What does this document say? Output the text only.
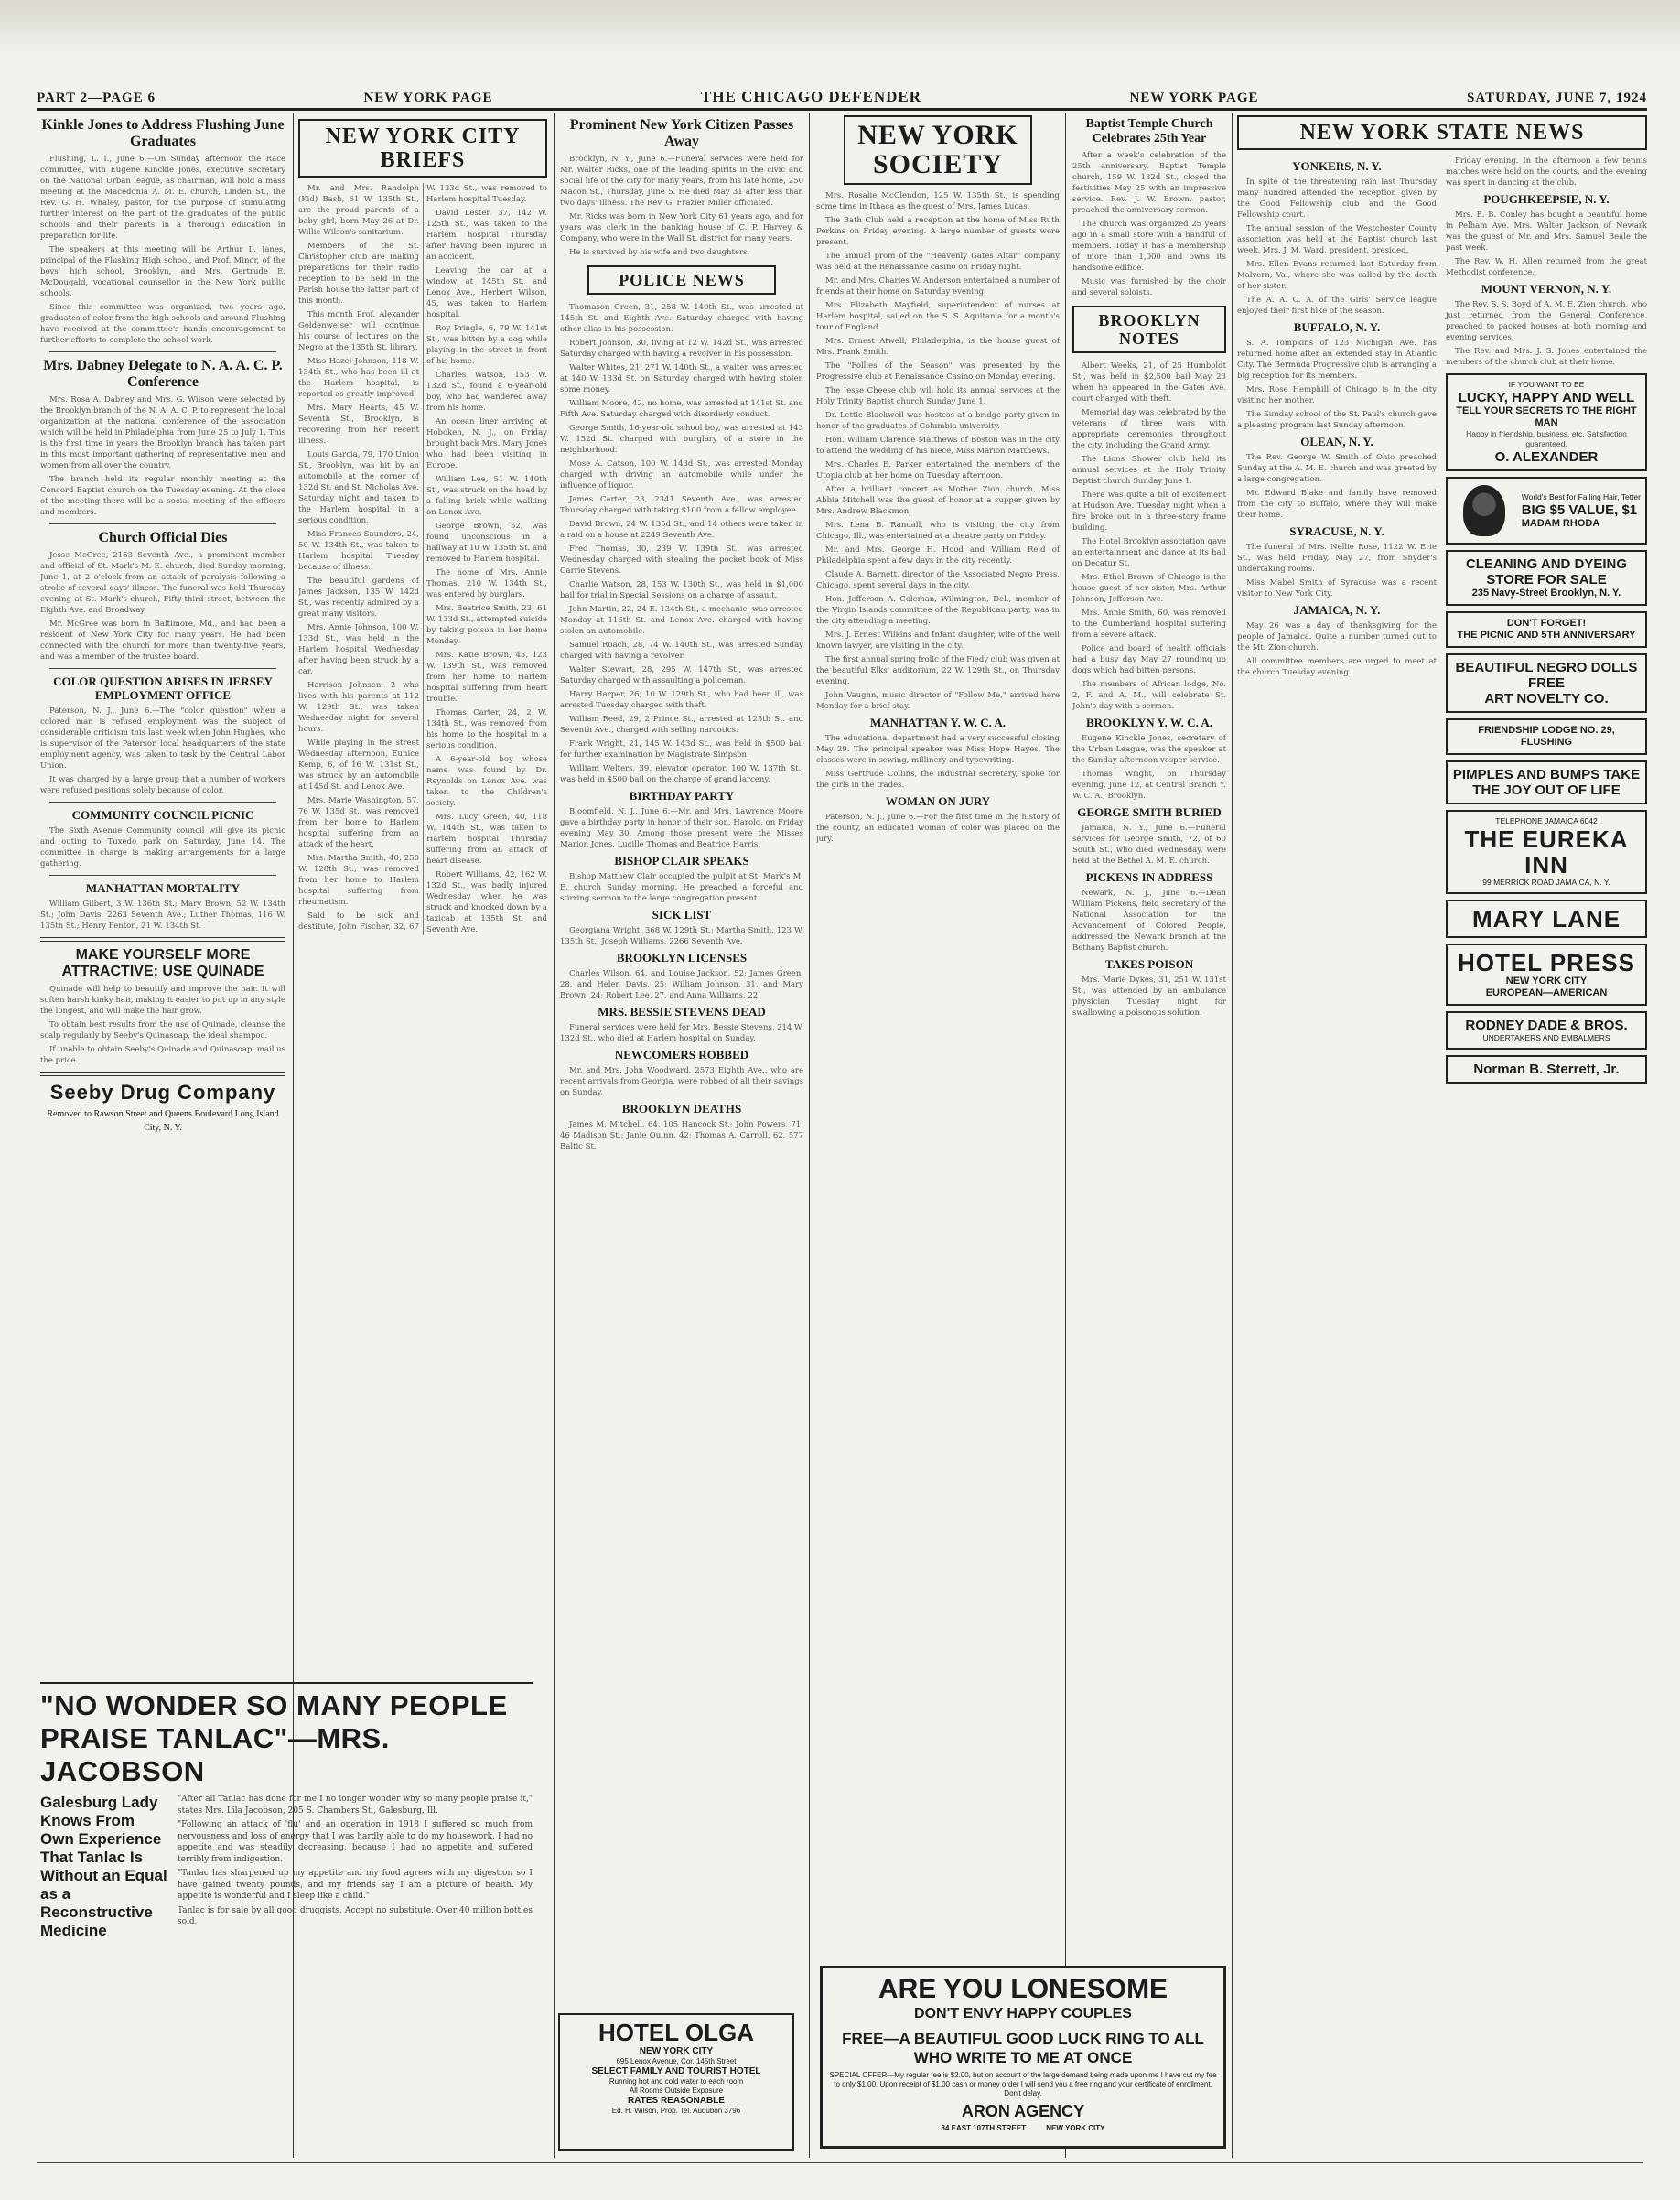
PART 2—PAGE 6	NEW YORK PAGE	THE CHICAGO DEFENDER	NEW YORK PAGE	SATURDAY, JUNE 7, 1924
Kinkle Jones to Address Flushing June Graduates

Flushing, L. I., June 6.—On Sunday afternoon the Race committee, with Eugene Kinckle Jones, executive secretary on the National Urban league, as chairman, will hold a mass meeting at the Macedonia A. M. E. church, Linden St., the Rev. G. H. Whaley, pastor, for the purpose of stimulating further interest on the part of the graduates of the public schools and their parents in a thorough education in preparation for life.

The speakers at this meeting will be Arthur L. Janes, principal of the Flushing High school, and Prof. Minor, of the boys' high school, Brooklyn, and Mrs. Gertrude E. McDougald, vocational counsellor in the New York public schools.

Since this committee was organized, two years ago, graduates of color from the high schools and around Flushing have received at the committee's hands encouragement to further efforts to complete the school work.

Mrs. Dabney Delegate to N. A. A. C. P. Conference

Mrs. Rosa A. Dabney and Mrs. G. Wilson were selected by the Brooklyn branch of the N. A. A. C. P. to represent the local organization at the national conference of the association which will be held in Philadelphia from June 25 to July 1. This is the first time in years the Brooklyn branch has taken part in this most important gathering of representative men and women from all over the country.

The branch held its regular monthly meeting at the Concord Baptist church on the Tuesday evening. At the close of the meeting there will be a social meeting of the officers and members.

Church Official Dies

Jesse McGree, 2153 Seventh Ave., a prominent member and official of St. Mark's M. E. church, died Sunday morning, June 1, at 2 o'clock from an attack of paralysis following a stroke of several days' illness. The funeral was held Thursday evening at St. Mark's church, Fifty-third street, between the Eighth Ave. and Broadway.

Mr. McGree was born in Baltimore, Md., and had been a resident of New York City for many years. He had been connected with the church for more than twenty-five years, and was a member of the trustee board.

COLOR QUESTION ARISES IN JERSEY EMPLOYMENT OFFICE

Paterson, N. J., June 6.—The "color question" when a colored man is refused employment was the subject of considerable criticism this last week when John Hughes, who is supervisor of the Paterson local headquarters of the state employment agency, was taken to task by the Central Labor Union.

It was charged by a large group that a number of workers were refused positions solely because of color.

COMMUNITY COUNCIL PICNIC

The Sixth Avenue Community council will give its picnic and outing to Tuxedo park on Saturday, June 14. The committee in charge is making arrangements for a large gathering.

MANHATTAN MORTALITY

William Gilbert, 3 W. 136th St.; Mary Brown, 52 W. 134th St.; John Davis, 2263 Seventh Ave.; Luther Thomas, 116 W. 135th St.; Henry Fenton, 21 W. 134th St.

MAKE YOURSELF MORE ATTRACTIVE; USE QUINADE

Quinade will help to beautify and improve the hair. It will soften harsh kinky hair, making it easier to put up in any style the longest, and will make the hair grow.

To obtain best results from the use of Quinade, cleanse the scalp regularly by Seeby's Quinasoap, the ideal shampoo.

If unable to obtain Seeby's Quinade and Quinasoap, mail us the price.

Seeby Drug Company
Removed to Rawson Street and Queens Boulevard Long Island City, N. Y.
"NO WONDER SO MANY PEOPLE PRAISE TANLAC"—MRS. JACOBSON
Galesburg Lady Knows From Own Experience That Tanlac Is Without an Equal as a Reconstructive Medicine

"After all Tanlac has done for me I no longer wonder why so many people praise it," states Mrs. Lila Jacobson, 205 S. Chambers St., Galesburg, Ill.

"Following an attack of 'flu' and an operation in 1918 I suffered so much from nervousness and loss of energy that I was hardly able to do my housework. I had no appetite and was steadily decreasing, because I had no appetite and suffered terribly from indigestion.

"Tanlac has sharpened up my appetite and my food agrees with my digestion so I have gained twenty pounds, and my friends say I am a picture of health. My appetite is wonderful and I sleep like a child."

Tanlac is for sale by all good druggists. Accept no substitute. Over 40 million bottles sold.

NEW YORK CITY BRIEFS

Mr. and Mrs. Randolph (Kid) Bash, 61 W. 135th St., are the proud parents of a baby girl, born May 26 at Dr. Willie Wilson's sanitarium.

Members of the St. Christopher club are making preparations for their radio reception to be held in the Parish house the latter part of this month.

This month Prof. Alexander Goldenweiser will continue his course of lectures on the Negro at the 135th St. library.

Miss Hazel Johnson, 118 W. 134th St., who has been ill at the Harlem hospital, is reported as greatly improved.

Mrs. Mary Hearts, 45 W. Seventh St., Brooklyn, is recovering from her recent illness.

Louis Garcia, 79, 170 Union St., Brooklyn, was hit by an automobile at the corner of 132d St. and St. Nicholas Ave. Saturday night and taken to the Harlem hospital in a serious condition.

Miss Frances Saunders, 24, 50 W. 134th St., was taken to Harlem hospital Tuesday because of illness.

The beautiful gardens of James Jackson, 135 W. 142d St., was recently admired by a great many visitors.

Mrs. Annie Johnson, 100 W. 133d St., was held in the Harlem hospital Wednesday after having been struck by a car.

Harrison Johnson, 2 who lives with his parents at 112 W. 129th St., was taken Wednesday night for several hours.

While playing in the street Wednesday afternoon, Eunice Kemp, 6, of 16 W. 131st St., was struck by an automobile at 145d St. and Lenox Ave.

Mrs. Marie Washington, 57, 76 W. 135d St., was removed from her home to Harlem hospital suffering from an attack of the heart.

Mrs. Martha Smith, 40, 250 W. 128th St., was removed from her home to Harlem hospital suffering from rheumatism.

Said to be sick and destitute, John Fischer, 32, 67 W. 133d St., was removed to Harlem hospital Tuesday.

David Lester, 37, 142 W. 125th St., was taken to the Harlem hospital Thursday after having been injured in an accident.

Leaving the car at a window at 145th St. and Lenox Ave., Herbert Wilson, 45, was taken to Harlem hospital.

Roy Pringle, 6, 79 W. 141st St., was bitten by a dog while playing in the street in front of his home.

Charles Watson, 153 W. 132d St., found a 6-year-old boy, who had wandered away from his home.

An ocean liner arriving at Hoboken, N. J., on Friday brought back Mrs. Mary Jones who had been visiting in Europe.

William Lee, 51 W. 140th St., was struck on the head by a falling brick while walking on Lenox Ave.

George Brown, 52, was found unconscious in a hallway at 10 W. 135th St. and removed to Harlem hospital.

The home of Mrs. Annie Thomas, 210 W. 134th St., was entered by burglars.

Mrs. Beatrice Smith, 23, 61 W. 133d St., attempted suicide by taking poison in her home Monday.

Mrs. Katie Brown, 45, 123 W. 139th St., was removed from her home to Harlem hospital suffering from heart trouble.

Thomas Carter, 24, 2 W. 134th St., was removed from his home to the hospital in a serious condition.

A 6-year-old boy whose name was found by Dr. Reynolds on Lenox Ave. was taken to the Children's society.

Mrs. Lucy Green, 40, 118 W. 144th St., was taken to Harlem hospital Thursday suffering from an attack of heart disease.

Robert Williams, 42, 162 W. 132d St., was badly injured Wednesday when he was struck and knocked down by a taxicab at 135th St. and Seventh Ave.

Prominent New York Citizen Passes Away

Brooklyn, N. Y., June 6.—Funeral services were held for Mr. Walter Ricks, one of the leading spirits in the civic and social life of the city for many years, from his late home, 250 Macon St., Thursday, June 5. He died May 31 after less than two days' illness. The Rev. G. Frazier Miller officiated.

Mr. Ricks was born in New York City 61 years ago, and for years was clerk in the banking house of C. P. Harvey & Company, who were in the Wall St. district for many years.

He is survived by his wife and two daughters.

POLICE NEWS

Thomason Green, 31, 258 W. 140th St., was arrested at 145th St. and Eighth Ave. Saturday charged with having other alias in his possession.

Robert Johnson, 30, living at 12 W. 142d St., was arrested Saturday charged with having a revolver in his possession.

Walter Whites, 21, 271 W. 140th St., a waiter, was arrested at 140 W. 133d St. on Saturday charged with having stolen some money.

William Moore, 42, no home, was arrested at 141st St. and Fifth Ave. Saturday charged with disorderly conduct.

George Smith, 16-year-old school boy, was arrested at 143 W. 132d St. charged with burglary of a store in the neighborhood.

Mose A. Catson, 100 W. 143d St., was arrested Monday charged with driving an automobile while under the influence of liquor.

James Carter, 28, 2341 Seventh Ave., was arrested Thursday charged with taking $100 from a fellow employee.

David Brown, 24 W. 135d St., and 14 others were taken in a raid on a house at 2249 Seventh Ave.

Fred Thomas, 30, 239 W. 139th St., was arrested Wednesday charged with stealing the pocket book of Miss Carrie Stevens.

Charlie Watson, 28, 153 W. 130th St., was held in $1,000 bail for trial in Special Sessions on a charge of assault.

John Martin, 22, 24 E. 134th St., a mechanic, was arrested Monday at 116th St. and Lenox Ave. charged with having stolen an automobile.

Samuel Roach, 28, 74 W. 140th St., was arrested Sunday charged with having a revolver.

Walter Stewart, 28, 295 W. 147th St., was arrested Saturday charged with assaulting a policeman.

Harry Harper, 26, 10 W. 129th St., who had been ill, was arrested Tuesday charged with theft.

William Reed, 29, 2 Prince St., arrested at 125th St. and Seventh Ave., charged with selling narcotics.

Frank Wright, 21, 145 W. 143d St., was held in $500 bail for further examination by Magistrate Simpson.

William Welters, 39, elevator operator, 100 W. 137th St., was held in $500 bail on the charge of grand larceny.

BIRTHDAY PARTY

Bloomfield, N. J., June 6.—Mr. and Mrs. Lawrence Moore gave a birthday party in honor of their son, Harold, on Friday evening May 30. Among those present were the Misses Marion Jones, Lucille Thomas and Beatrice Harris.

BISHOP CLAIR SPEAKS

Bishop Matthew Clair occupied the pulpit at St. Mark's M. E. church Sunday morning. He preached a forceful and stirring sermon to the large congregation present.

SICK LIST

Georgiana Wright, 368 W. 129th St.; Martha Smith, 123 W. 135th St.; Joseph Williams, 2266 Seventh Ave.

BROOKLYN LICENSES

Charles Wilson, 64, and Louise Jackson, 52; James Green, 28, and Helen Davis, 25; William Johnson, 31, and Mary Brown, 24; Robert Lee, 27, and Anna Williams, 22.

MRS. BESSIE STEVENS DEAD

Funeral services were held for Mrs. Bessie Stevens, 214 W. 132d St., who died at Harlem hospital on Sunday.

NEWCOMERS ROBBED

Mr. and Mrs. John Woodward, 2573 Eighth Ave., who are recent arrivals from Georgia, were robbed of all their savings on Sunday.

BROOKLYN DEATHS

James M. Mitchell, 64, 105 Hancock St.; John Powers, 71, 46 Madison St.; Janie Quinn, 42; Thomas A. Carroll, 62, 577 Baltic St.

HOTEL OLGA
NEW YORK CITY
695 Lenox Avenue, Cor. 145th Street
SELECT FAMILY AND TOURIST HOTEL
Running hot and cold water to each room
All Rooms Outside Exposure
RATES REASONABLE
Ed. H. Wilson, Prop. Tel. Audubon 3796
NEW YORK SOCIETY

Mrs. Rosalie McClendon, 125 W. 135th St., is spending some time in Ithaca as the guest of Mrs. James Lucas.

The Bath Club held a reception at the home of Miss Ruth Perkins on Friday evening. A large number of guests were present.

The annual prom of the "Heavenly Gates Altar" company was held at the Renaissance casino on Friday night.

Mr. and Mrs. Charles W. Anderson entertained a number of friends at their home on Saturday evening.

Mrs. Elizabeth Mayfield, superintendent of nurses at Harlem hospital, sailed on the S. S. Aquitania for a month's tour of England.

Mrs. Ernest Atwell, Philadelphia, is the house guest of Mrs. Frank Smith.

The "Follies of the Season" was presented by the Progressive club at Renaissance Casino on Monday evening.

The Jesse Cheese club will hold its annual services at the Holy Trinity Baptist church Sunday June 1.

Dr. Lettie Blackwell was hostess at a bridge party given in honor of the graduates of Columbia university.

Hon. William Clarence Matthews of Boston was in the city to attend the wedding of his niece, Miss Marion Matthews.

Mrs. Charles E. Parker entertained the members of the Utopia club at her home on Tuesday afternoon.

After a brilliant concert as Mother Zion church, Miss Abbie Mitchell was the guest of honor at a supper given by Mrs. Andrew Blackmon.

Mrs. Lena B. Randall, who is visiting the city from Chicago, Ill., was entertained at a theatre party on Friday.

Mr. and Mrs. George H. Hood and William Reid of Philadelphia spent a few days in the city recently.

Claude A. Barnett, director of the Associated Negro Press, Chicago, spent several days in the city.

Hon. Jefferson A. Coleman, Wilmington, Del., member of the Virgin Islands committee of the Republican party, was in the city attending a meeting.

Mrs. J. Ernest Wilkins and Infant daughter, wife of the well known lawyer, are visiting in the city.

The first annual spring frolic of the Fiedy club was given at the beautiful Elks' auditorium, 22 W. 129th St., on Thursday evening.

John Vaughn, music director of "Follow Me," arrived here Monday for a brief stay.

MANHATTAN Y. W. C. A.

The educational department had a very successful closing May 29. The principal speaker was Miss Hope Hayes. The classes were in sewing, millinery and typewriting.

Miss Gertrude Collins, the industrial secretary, spoke for the girls in the trades.

WOMAN ON JURY

Paterson, N. J., June 6.—For the first time in the history of the county, an educated woman of color was placed on the jury.

Baptist Temple Church Celebrates 25th Year

After a week's celebration of the 25th anniversary, Baptist Temple church, 159 W. 132d St., closed the festivities May 25 with an impressive service. Rev. J. W. Brown, pastor, preached the anniversary sermon.

The church was organized 25 years ago in a small store with a handful of members. Today it has a membership of more than 1,000 and owns its handsome edifice.

Music was furnished by the choir and several soloists.

BROOKLYN NOTES

Albert Weeks, 21, of 25 Humboldt St., was held in $2,500 bail May 23 when he appeared in the Gates Ave. court charged with theft.

Memorial day was celebrated by the veterans of three wars with appropriate ceremonies throughout the city, including the Grand Army.

The Lions Shower club held its annual services at the Holy Trinity Baptist church Sunday June 1.

There was quite a bit of excitement at Hudson Ave. Tuesday night when a fire broke out in a three-story frame building.

The Hotel Brooklyn association gave an entertainment and dance at its hall on Decatur St.

Mrs. Ethel Brown of Chicago is the house guest of her sister, Mrs. Arthur Johnson, Jefferson Ave.

Mrs. Annie Smith, 60, was removed to the Cumberland hospital suffering from a severe attack.

Police and board of health officials had a busy day May 27 rounding up dogs which had bitten persons.

The members of African lodge, No. 2, F. and A. M., will celebrate St. John's day with a sermon.

BROOKLYN Y. W. C. A.

Eugene Kinckle Jones, secretary of the Urban League, was the speaker at the Sunday afternoon vesper service.

Thomas Wright, on Thursday evening, June 12, at Central Branch Y. W. C. A., Brooklyn.

GEORGE SMITH BURIED

Jamaica, N. Y., June 6.—Funeral services for George Smith, 72, of 60 South St., who died Wednesday, were held at the Bethel A. M. E. church.

PICKENS IN ADDRESS

Newark, N. J., June 6.—Dean William Pickens, field secretary of the National Association for the Advancement of Colored People, addressed the Newark branch at the Bethany Baptist church.

TAKES POISON

Mrs. Marie Dykes, 31, 251 W. 131st St., was attended by an ambulance physician Tuesday night for swallowing a poisonous solution.

ARE YOU LONESOME
DON'T ENVY HAPPY COUPLES
FREE—A BEAUTIFUL GOOD LUCK RING TO ALL WHO WRITE TO ME AT ONCE
SPECIAL OFFER—My regular fee is $2.00, but on account of the large demand being made upon me I have cut my fee to only $1.00. Upon receipt of $1.00 cash or money order I will send you a free ring and your certificate of enrollment. Don't delay.
ARON AGENCY
84 EAST 107TH STREET          NEW YORK CITY
NEW YORK STATE NEWS
YONKERS, N. Y.

In spite of the threatening rain last Thursday many hundred attended the reception given by the Good Fellowship club and the Good Fellowship court.

The annual session of the Westchester County association was held at the Baptist church last week. Mrs. J. M. Ward, president, presided.

Mrs. Ellen Evans returned last Saturday from Malvern, Va., where she was called by the death of her sister.

The A. A. C. A. of the Girls' Service league enjoyed their first hike of the season.

BUFFALO, N. Y.

S. A. Tompkins of 123 Michigan Ave. has returned home after an extended stay in Atlantic City. The Bermuda Progressive club is arranging a big reception for its members.

Mrs. Rose Hemphill of Chicago is in the city visiting her mother.

The Sunday school of the St. Paul's church gave a pleasing program last Sunday afternoon.

OLEAN, N. Y.

The Rev. George W. Smith of Ohio preached Sunday at the A. M. E. church and was greeted by a large congregation.

Mr. Edward Blake and family have removed from the city to Buffalo, where they will make their home.

SYRACUSE, N. Y.

The funeral of Mrs. Nellie Rose, 1122 W. Erie St., was held Friday, May 27, from Snyder's undertaking rooms.

Miss Mabel Smith of Syracuse was a recent visitor to New York City.

JAMAICA, N. Y.

May 26 was a day of thanksgiving for the people of Jamaica. Quite a number turned out to the Mt. Zion church.

All committee members are urged to meet at the church Tuesday evening.

Friday evening. In the afternoon a few tennis matches were held on the courts, and the evening was spent in dancing at the club.

POUGHKEEPSIE, N. Y.

Mrs. E. B. Conley has bought a beautiful home in Pelham Ave. Mrs. Walter Jackson of Newark was the guest of Mr. and Mrs. Samuel Beale the past week.

The Rev. W. H. Allen returned from the great Methodist conference.

MOUNT VERNON, N. Y.

The Rev. S. S. Boyd of A. M. E. Zion church, who just returned from the General Conference, preached to packed houses at both morning and evening services.

The Rev. and Mrs. J. S. Jones entertained the members of the church club at their home.

IF YOU WANT TO BE
LUCKY, HAPPY AND WELL
TELL YOUR SECRETS TO THE RIGHT MAN
Happy in friendship, business, etc. Satisfaction guaranteed.
O. ALEXANDER
World's Best for Falling Hair, Tetter
BIG $5 VALUE, $1
MADAM RHODA
CLEANING AND DYEING STORE FOR SALE
235 Navy-Street Brooklyn, N. Y.
DON'T FORGET!
THE PICNIC AND 5TH ANNIVERSARY
BEAUTIFUL NEGRO DOLLS FREE
ART NOVELTY CO.
FRIENDSHIP LODGE NO. 29, FLUSHING
PIMPLES AND BUMPS TAKE THE JOY OUT OF LIFE
TELEPHONE JAMAICA 6042
THE EUREKA INN
99 MERRICK ROAD JAMAICA, N. Y.
MARY LANE
HOTEL PRESS
NEW YORK CITY
EUROPEAN—AMERICAN
RODNEY DADE & BROS.
UNDERTAKERS AND EMBALMERS
Norman B. Sterrett, Jr.
